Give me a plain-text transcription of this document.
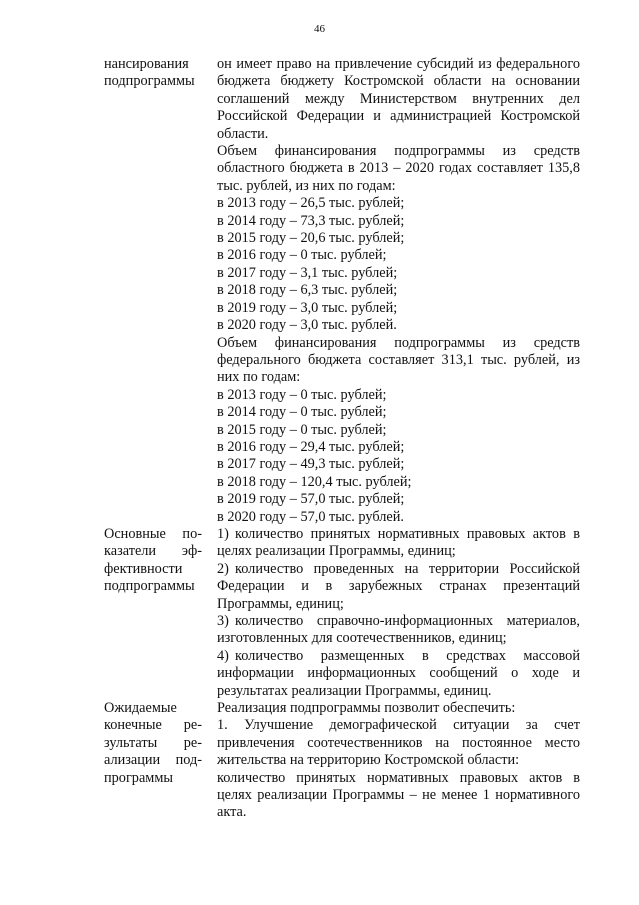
46
нансирования
подпрограммы
он имеет право на привлечение субсидий из федерального бюджета бюджету Костромской области на основании соглашений между Министерством внутренних дел Российской Федерации и администрацией Костромской области.
Объем финансирования подпрограммы из средств областного бюджета в 2013 – 2020 годах составляет 135,8 тыс. рублей, из них по годам:
в 2013 году – 26,5 тыс. рублей;
в 2014 году – 73,3 тыс. рублей;
в 2015 году – 20,6 тыс. рублей;
в 2016 году – 0 тыс. рублей;
в 2017 году – 3,1 тыс. рублей;
в 2018 году – 6,3 тыс. рублей;
в 2019 году – 3,0 тыс. рублей;
в 2020 году – 3,0 тыс. рублей.
Объем финансирования подпрограммы из средств федерального бюджета составляет 313,1 тыс. рублей, из них по годам:
в 2013 году – 0 тыс. рублей;
в 2014 году – 0 тыс. рублей;
в 2015 году – 0 тыс. рублей;
в 2016 году – 29,4 тыс. рублей;
в 2017 году – 49,3 тыс. рублей;
в 2018 году – 120,4 тыс. рублей;
в 2019 году – 57,0 тыс. рублей;
в 2020 году – 57,0 тыс. рублей.
Основные по-
казатели эф-
фективности
подпрограммы
1) количество принятых нормативных правовых актов в целях реализации Программы, единиц;
2) количество проведенных на территории Российской Федерации и в зарубежных странах презентаций Программы, единиц;
3) количество справочно-информационных материалов, изготовленных для соотечественников, единиц;
4) количество размещенных в средствах массовой информации информационных сообщений о ходе и результатах реализации Программы, единиц.
Ожидаемые
конечные ре-
зультаты ре-
ализации под-
программы
Реализация подпрограммы позволит обеспечить:
1. Улучшение демографической ситуации за счет привлечения соотечественников на постоянное место жительства на территорию Костромской области:
количество принятых нормативных правовых актов в целях реализации Программы – не менее 1 нормативного акта.
